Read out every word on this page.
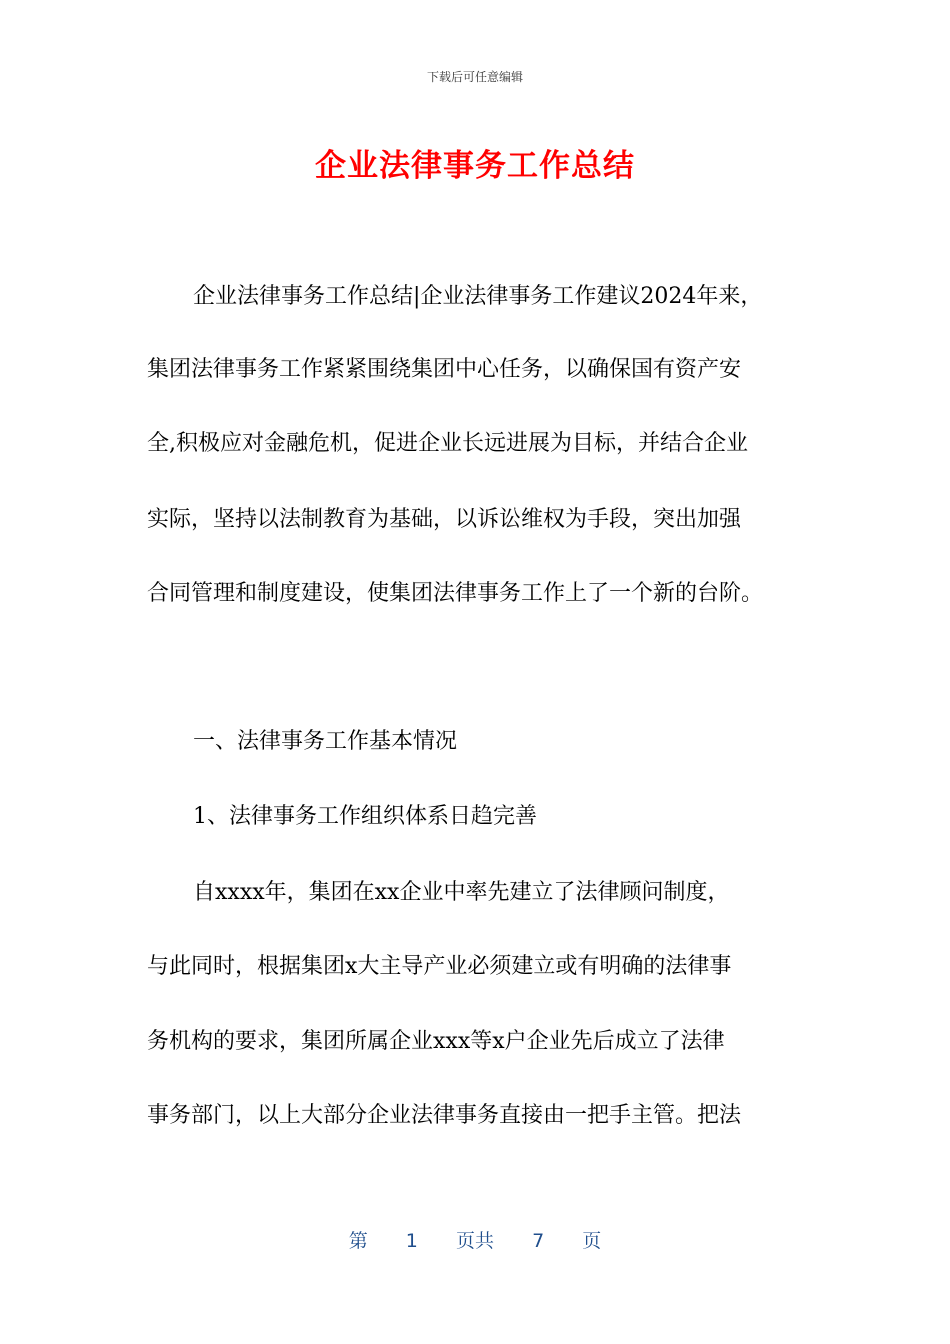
下载后可任意编辑
企业法律事务工作总结
企业法律事务工作总结|企业法律事务工作建议2024年来，
集团法律事务工作紧紧围绕集团中心任务，以确保国有资产安
全,积极应对金融危机，促进企业长远进展为目标，并结合企业
实际，坚持以法制教育为基础，以诉讼维权为手段，突出加强
合同管理和制度建设，使集团法律事务工作上了一个新的台阶。
一、法律事务工作基本情况
1、法律事务工作组织体系日趋完善
自xxxx年，集团在xx企业中率先建立了法律顾问制度，
与此同时，根据集团x大主导产业必须建立或有明确的法律事
务机构的要求，集团所属企业xxx等x户企业先后成立了法律
事务部门，以上大部分企业法律事务直接由一把手主管。把法
第 1 页共 7 页
